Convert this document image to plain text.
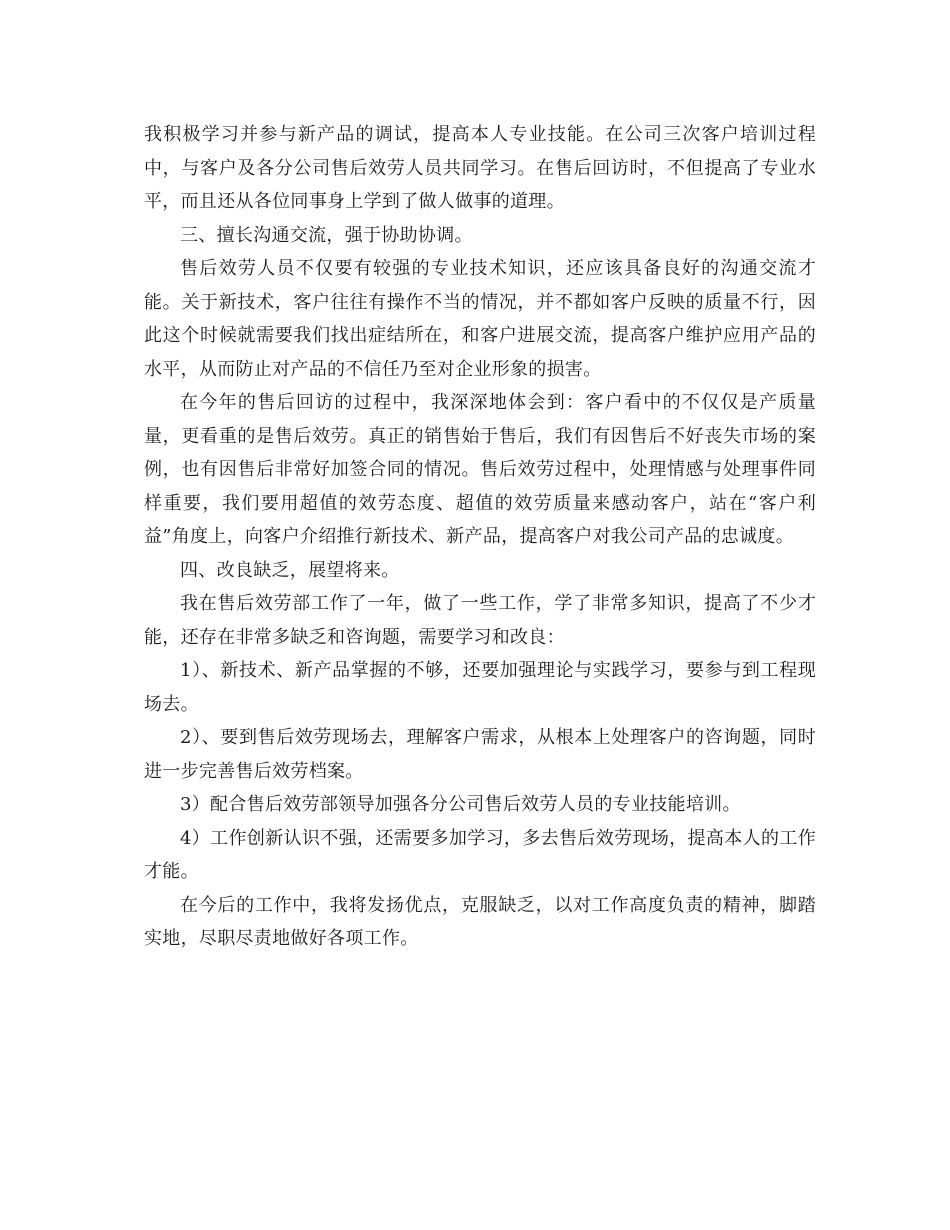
我积极学习并参与新产品的调试，提高本人专业技能。在公司三次客户培训过程中，与客户及各分公司售后效劳人员共同学习。在售后回访时，不但提高了专业水平，而且还从各位同事身上学到了做人做事的道理。

三、擅长沟通交流，强于协助协调。

售后效劳人员不仅要有较强的专业技术知识，还应该具备良好的沟通交流才能。关于新技术，客户往往有操作不当的情况，并不都如客户反映的质量不行，因此这个时候就需要我们找出症结所在，和客户进展交流，提高客户维护应用产品的水平，从而防止对产品的不信任乃至对企业形象的损害。

在今年的售后回访的过程中，我深深地体会到：客户看中的不仅仅是产质量量，更看重的是售后效劳。真正的销售始于售后，我们有因售后不好丧失市场的案例，也有因售后非常好加签合同的情况。售后效劳过程中，处理情感与处理事件同样重要，我们要用超值的效劳态度、超值的效劳质量来感动客户，站在“客户利益”角度上，向客户介绍推行新技术、新产品，提高客户对我公司产品的忠诚度。

四、改良缺乏，展望将来。

我在售后效劳部工作了一年，做了一些工作，学了非常多知识，提高了不少才能，还存在非常多缺乏和咨询题，需要学习和改良：

1）、新技术、新产品掌握的不够，还要加强理论与实践学习，要参与到工程现场去。

2）、要到售后效劳现场去，理解客户需求，从根本上处理客户的咨询题，同时进一步完善售后效劳档案。

3）配合售后效劳部领导加强各分公司售后效劳人员的专业技能培训。

4）工作创新认识不强，还需要多加学习，多去售后效劳现场，提高本人的工作才能。

在今后的工作中，我将发扬优点，克服缺乏，以对工作高度负责的精神，脚踏实地，尽职尽责地做好各项工作。
